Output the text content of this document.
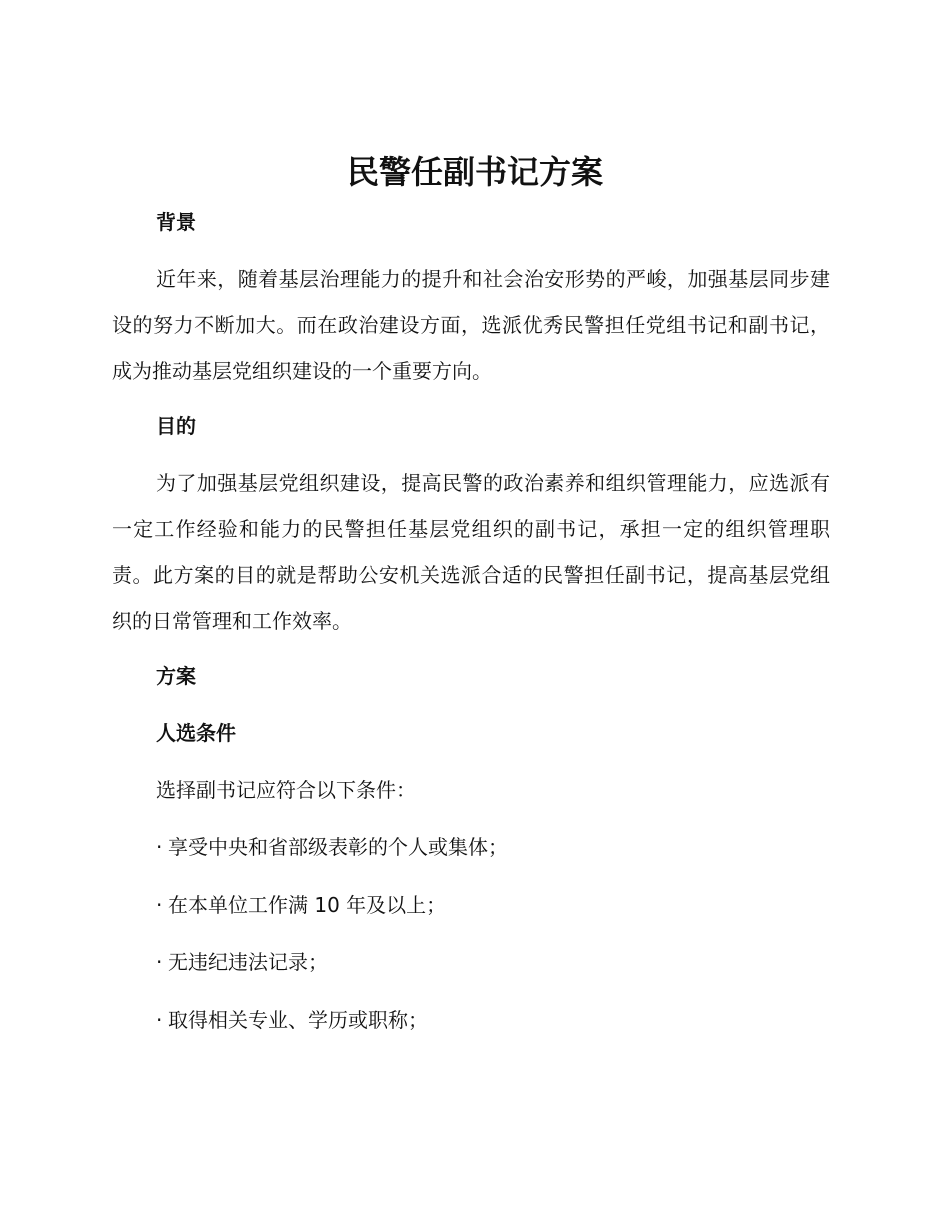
民警任副书记方案
背景

近年来，随着基层治理能力的提升和社会治安形势的严峻，加强基层同步建设的努力不断加大。而在政治建设方面，选派优秀民警担任党组书记和副书记，成为推动基层党组织建设的一个重要方向。

目的

为了加强基层党组织建设，提高民警的政治素养和组织管理能力，应选派有一定工作经验和能力的民警担任基层党组织的副书记，承担一定的组织管理职责。此方案的目的就是帮助公安机关选派合适的民警担任副书记，提高基层党组织的日常管理和工作效率。

方案
人选条件

选择副书记应符合以下条件：

· 享受中央和省部级表彰的个人或集体；
· 在本单位工作满 10 年及以上；
· 无违纪违法记录；
· 取得相关专业、学历或职称；
